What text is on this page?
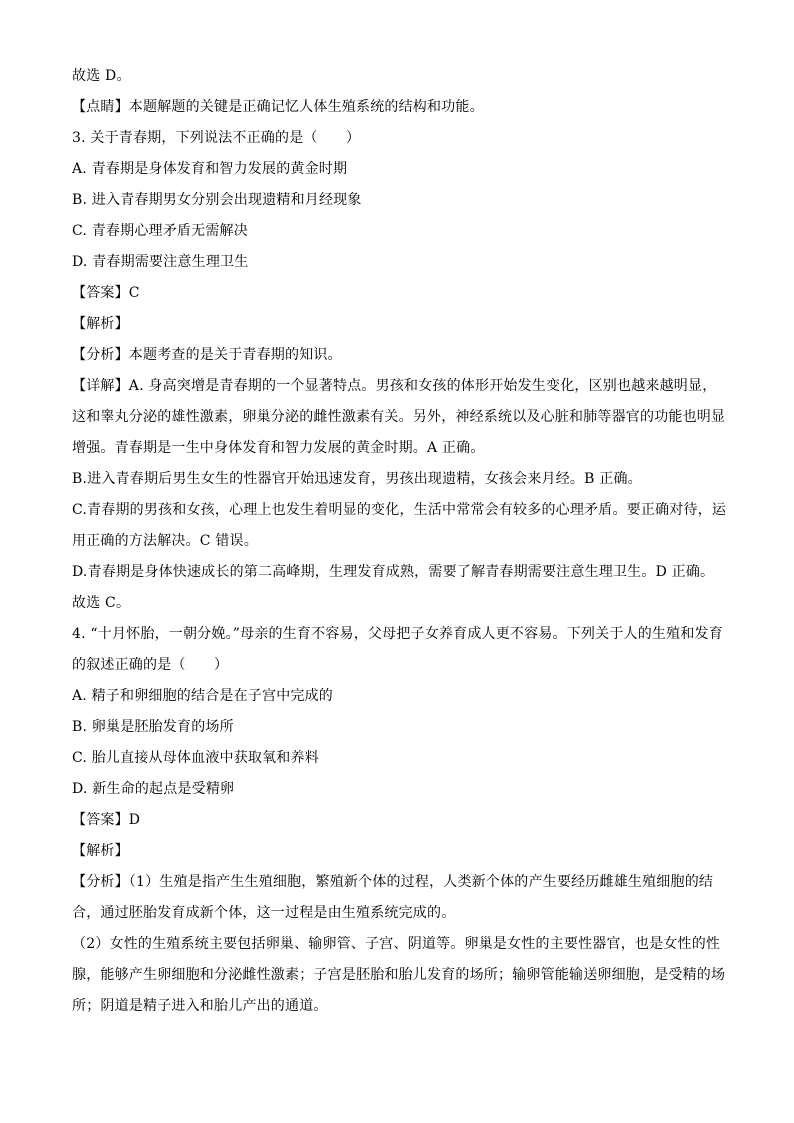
故选 D。

【点睛】本题解题的关键是正确记忆人体生殖系统的结构和功能。

3. 关于青春期，下列说法不正确的是（　　）

A. 青春期是身体发育和智力发展的黄金时期

B. 进入青春期男女分别会出现遗精和月经现象

C. 青春期心理矛盾无需解决

D. 青春期需要注意生理卫生

【答案】C

【解析】

【分析】本题考查的是关于青春期的知识。

【详解】A. 身高突增是青春期的一个显著特点。男孩和女孩的体形开始发生变化，区别也越来越明显，

这和睾丸分泌的雄性激素，卵巢分泌的雌性激素有关。另外，神经系统以及心脏和肺等器官的功能也明显

增强。青春期是一生中身体发育和智力发展的黄金时期。A 正确。

B.进入青春期后男生女生的性器官开始迅速发育，男孩出现遗精，女孩会来月经。B 正确。

C.青春期的男孩和女孩，心理上也发生着明显的变化，生活中常常会有较多的心理矛盾。要正确对待，运

用正确的方法解决。C 错误。

D.青春期是身体快速成长的第二高峰期，生理发育成熟，需要了解青春期需要注意生理卫生。D 正确。

故选 C。

4. “十月怀胎，一朝分娩。”母亲的生育不容易，父母把子女养育成人更不容易。下列关于人的生殖和发育

的叙述正确的是（　　）

A. 精子和卵细胞的结合是在子宫中完成的

B. 卵巢是胚胎发育的场所

C. 胎儿直接从母体血液中获取氧和养料

D. 新生命的起点是受精卵

【答案】D

【解析】

【分析】（1）生殖是指产生生殖细胞，繁殖新个体的过程，人类新个体的产生要经历雌雄生殖细胞的结

合，通过胚胎发育成新个体，这一过程是由生殖系统完成的。

（2）女性的生殖系统主要包括卵巢、输卵管、子宫、阴道等。卵巢是女性的主要性器官，也是女性的性

腺，能够产生卵细胞和分泌雌性激素；子宫是胚胎和胎儿发育的场所；输卵管能输送卵细胞，是受精的场

所；阴道是精子进入和胎儿产出的通道。
